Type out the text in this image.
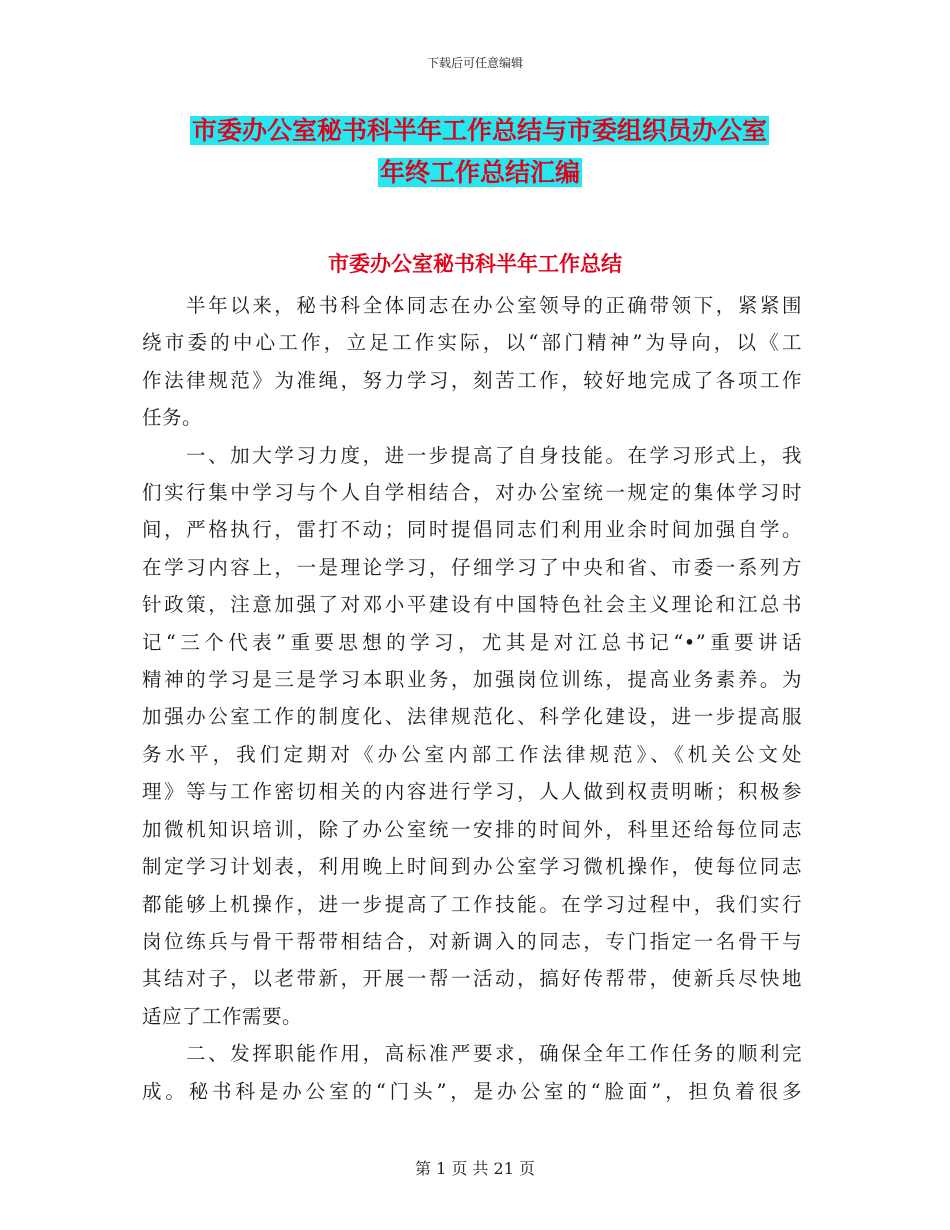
下载后可任意编辑
市委办公室秘书科半年工作总结与市委组织员办公室
年终工作总结汇编
市委办公室秘书科半年工作总结
半年以来，秘书科全体同志在办公室领导的正确带领下，紧紧围
绕市委的中心工作，立足工作实际，以“部门精神”为导向，以《工
作法律规范》为准绳，努力学习，刻苦工作，较好地完成了各项工作
任务。
一、加大学习力度，进一步提高了自身技能。在学习形式上，我
们实行集中学习与个人自学相结合，对办公室统一规定的集体学习时
间，严格执行，雷打不动；同时提倡同志们利用业余时间加强自学。
在学习内容上，一是理论学习，仔细学习了中央和省、市委一系列方
针政策，注意加强了对邓小平建设有中国特色社会主义理论和江总书
记“三个代表”重要思想的学习，尤其是对江总书记“•”重要讲话
精神的学习是三是学习本职业务，加强岗位训练，提高业务素养。为
加强办公室工作的制度化、法律规范化、科学化建设，进一步提高服
务水平，我们定期对《办公室内部工作法律规范》、《机关公文处
理》等与工作密切相关的内容进行学习，人人做到权责明晰；积极参
加微机知识培训，除了办公室统一安排的时间外，科里还给每位同志
制定学习计划表，利用晚上时间到办公室学习微机操作，使每位同志
都能够上机操作，进一步提高了工作技能。在学习过程中，我们实行
岗位练兵与骨干帮带相结合，对新调入的同志，专门指定一名骨干与
其结对子，以老带新，开展一帮一活动，搞好传帮带，使新兵尽快地
适应了工作需要。
二、发挥职能作用，高标准严要求，确保全年工作任务的顺利完
成。秘书科是办公室的“门头”，是办公室的“脸面”，担负着很多
第 1 页 共 21 页
